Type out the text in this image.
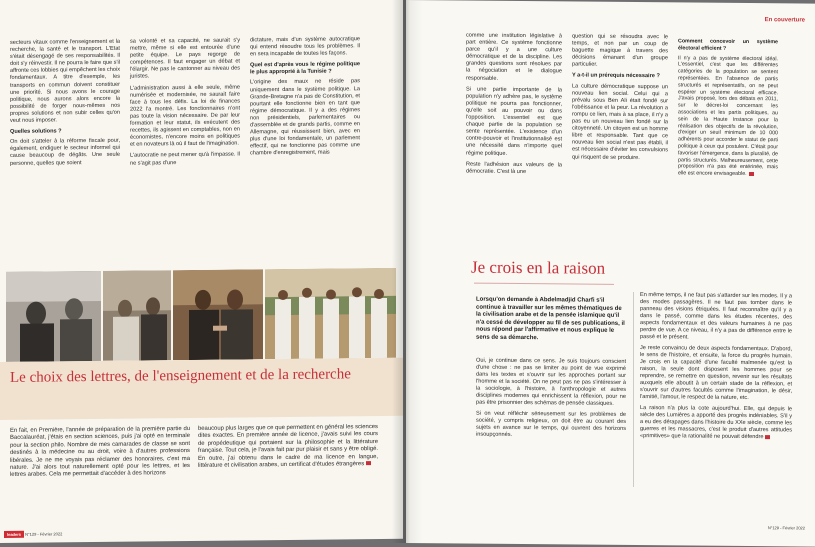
secteurs vitaux comme l'enseignement et la recherche, la santé et le transport. L'Etat s'était désengagé de ses responsabilités. Il doit s'y réinvestir. Il ne pourra le faire que s'il affronte ces lobbies qui empêchent les choix fondamentaux. A titre d'exemple, les transports en commun doivent constituer une priorité. Si nous avons le courage politique, nous aurons alors encore la possibilité de forger nous-mêmes nos propres solutions et non subir celles qu'on veut nous imposer.

Quelles solutions ?

On doit s'atteler à la réforme fiscale pour, également, endiguer le secteur informel qui cause beaucoup de dégâts. Une seule personne, quelles que soient

sa volonté et sa capacité, ne saurait s'y mettre, même si elle est entourée d'une petite équipe. Le pays regorge de compétences. Il faut engager un débat et l'élargir. Ne pas le cantonner au niveau des juristes.

L'administration aussi à elle seule, même numérisée et modernisée, ne saurait faire face à tous les défis. La loi de finances 2022 l'a montré. Les fonctionnaires n'ont pas toute la vision nécessaire. De par leur formation et leur statut, ils exécutent des recettes, ils agissent en comptables, non en économistes, n'encore moins en politiques et en novateurs là où il faut de l'imagination.

L'autocratie ne peut mener qu'à l'impasse. Il ne s'agit pas d'une

dictature, mais d'un système autocratique qui entend résoudre tous les problèmes. Il en sera incapable de toutes les façons.

Quel est d'après vous le régime politique le plus approprié à la Tunisie ?

L'origine des maux ne réside pas uniquement dans le système politique. La Grande-Bretagne n'a pas de Constitution, et pourtant elle fonctionne bien en tant que régime démocratique. Il y a des régimes non présidentiels, parlementaires ou d'assemblée et de grands partis, comme en Allemagne, qui réussissent bien, avec en plus d'une loi fondamentale, un parlement effectif, qui ne fonctionne pas comme une chambre d'enregistrement, mais

Le choix des lettres, de l'enseignement et de la recherche
En fait, en Première, l'année de préparation de la première partie du Baccalauréat, j'étais en section sciences, puis j'ai opté en terminale pour la section philo. Nombre de mes camarades de classe se sont destinés à la médecine ou au droit, voire à d'autres professions libérales. Je ne me voyais pas réclamer des honoraires, c'est ma nature. J'ai alors tout naturellement opté pour les lettres, et les lettres arabes. Cela me permettait d'accéder à des horizons
beaucoup plus larges que ce que permettent en général les sciences dites exactes. En première année de licence, j'avais suivi les cours de propédeutique qui portaient sur la philosophie et la littérature française. Tout cela, je l'avais fait par pur plaisir et sans y être obligé. En outre, j'ai obtenu dans le cadre de ma licence en langue, littérature et civilisation arabes, un certificat d'études étrangères
leaders N°129 - Février 2022
En couverture

comme une institution législative à part entière. Ce système fonctionne parce qu'il y a une culture démocratique et de la discipline. Les grandes questions sont résolues par la négociation et le dialogue responsable.

Si une partie importante de la population n'y adhère pas, le système politique ne pourra pas fonctionner, qu'elle soit au pouvoir ou dans l'opposition. L'essentiel est que chaque partie de la population se sente représentée. L'existence d'un contre-pouvoir et l'institutionnalisé est une nécessité dans n'importe quel régime politique.

Reste l'adhésion aux valeurs de la démocratie. C'est là une

question qui se résoudra avec le temps, et non par un coup de baguette magique à travers des décisions émanant d'un groupe particulier.

Y a-t-il un prérequis nécessaire ?

La culture démocratique suppose un nouveau lien social. Celui qui a prévalu sous Ben Ali était fondé sur l'obéissance et la peur. La révolution a rompu ce lien, mais à sa place, il n'y a pas eu un nouveau lien fondé sur la citoyenneté. Un citoyen est un homme libre et responsable. Tant que ce nouveau lien social n'est pas établi, il est nécessaire d'éviter les convulsions qui risquent de se produire.

Comment concevoir un système électoral efficient ?
Il n'y a pas de système électoral idéal. L'essentiel, c'est que les différentes catégories de la population se sentent représentées. En l'absence de partis structurés et représentatifs, on ne peut espérer un système électoral efficace. J'avais proposé, lors des débats en 2011, sur le décret-loi concernant les associations et les partis politiques, au sein de la Haute Instance pour la réalisation des objectifs de la révolution, d'exiger un seuil minimum de 10 000 adhérents pour accorder le statut de parti politique à ceux qui postulent. C'était pour favoriser l'émergence, dans la pluralité, de partis structurés. Malheureusement, cette proposition n'a pas été entérinée, mais elle est encore envisageable.
Je crois en la raison
Lorsqu'on demande à Abdelmadjid Charfi s'il continue à travailler sur les mêmes thématiques de la civilisation arabe et de la pensée islamique qu'il n'a cessé de développer au fil de ses publications, il nous répond par l'affirmative et nous explique le sens de sa démarche.

Oui, je continue dans ce sens. Je suis toujours conscient d'une chose : ne pas se limiter au point de vue exprimé dans les textes et s'ouvrir sur les approches portant sur l'homme et la société. On ne peut pas ne pas s'intéresser à la sociologie, à l'histoire, à l'anthropologie et autres disciplines modernes qui enrichissent la réflexion, pour ne pas être prisonnier des schémas de pensée classiques.

Si on veut réfléchir sérieusement sur les problèmes de société, y compris religieux, on doit être au courant des sujets en avance sur le temps, qui ouvrent des horizons insoupçonnés.

En même temps, il ne faut pas s'attarder sur les modes. Il y a des modes passagères. Il ne faut pas tomber dans le panneau des visions étriquées. Il faut reconnaître qu'il y a dans le passé, comme dans les études récentes, des aspects fondamentaux et des valeurs humaines à ne pas perdre de vue. A ce niveau, il n'y a pas de différence entre le passé et le présent.

Je reste convaincu de deux aspects fondamentaux. D'abord, le sens de l'histoire, et ensuite, la force du progrès humain. Je crois en la capacité d'une faculté malmenée qu'est la raison, la seule dont disposent les hommes pour se reprendre, se remettre en question, revenir sur les résultats auxquels elle aboutit à un certain stade de la réflexion, et s'ouvrir sur d'autres facultés comme l'imagination, le désir, l'amitié, l'amour, le respect de la nature, etc.

La raison n'a plus la cote aujourd'hui. Elle, qui depuis le siècle des Lumières a apporté des progrès indéniables. S'il y a eu des dérapages dans l'histoire du XXe siècle, comme les guerres et les massacres, c'est le produit d'autres attitudes «primitives» que la rationalité ne pouvait défendre

N°129 - Février 2022
